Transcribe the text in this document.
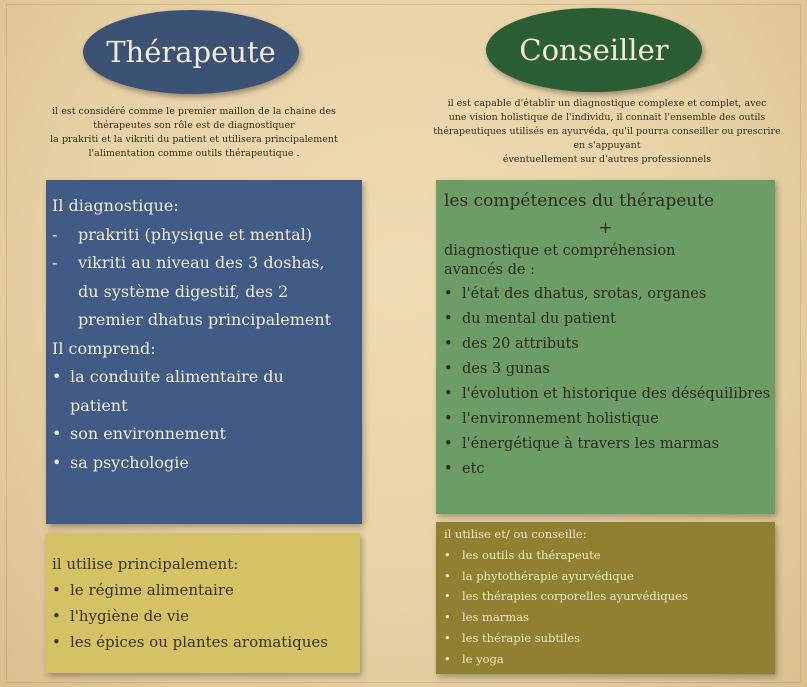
Thérapeute	Conseiller
il est considéré comme le premier maillon de la chaine des
thérapeutes son rôle est de diagnostiquer
la prakriti et la vikriti du patient et utilisera principalement
l'alimentation comme outils thérapeutique .
il est capable d'établir un diagnostique complexe et complet, avec
une vision holistique de l'individu, il connait l'ensemble des outils
thérapeutiques utilisés en ayurvéda, qu'il pourra conseiller ou prescrire
en s'appuyant
éventuellement sur d'autres professionnels
Il diagnostique:
-	prakriti (physique et mental)
-	vikriti au niveau des 3 doshas,
du système digestif, des 2
premier dhatus principalement
Il comprend:
• la conduite alimentaire du
patient
• son environnement
• sa psychologie
il utilise principalement:
• le régime alimentaire
• l'hygiène de vie
• les épices ou plantes aromatiques
les compétences du thérapeute
+
diagnostique et compréhension
avancés de :
• l'état des dhatus, srotas, organes
• du mental du patient
• des 20 attributs
• des 3 gunas
• l'évolution et historique des déséquilibres
• l'environnement holistique
• l'énergétique à travers les marmas
• etc
il utilise et/ ou conseille:
• les outils du thérapeute
• la phytothérapie ayurvédique
• les thérapies corporelles ayurvédiques
• les marmas
• les thérapie subtiles
• le yoga
